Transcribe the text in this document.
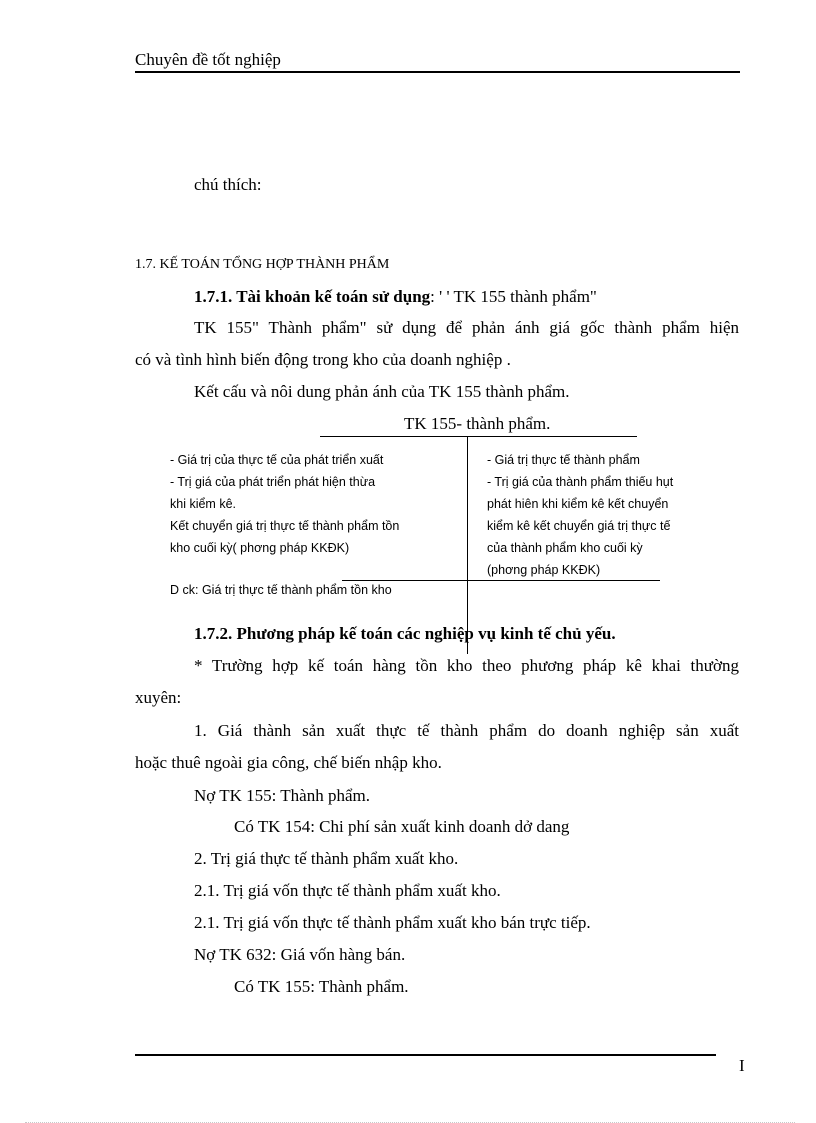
Chuyên đề tốt nghiệp
chú thích:
1.7. KẾ TOÁN TỔNG HỢP THÀNH PHẨM
1.7.1. Tài khoản kế toán sử dụng: ' ' TK 155 thành phẩm"
TK 155" Thành phẩm" sử dụng để phản ánh giá gốc thành phẩm hiện
có và tình hình biến động trong kho của doanh nghiệp .
Kết cấu và nôi dung phản ánh của TK 155 thành phẩm.
TK 155- thành phẩm.
- Giá trị của thực tế của phát triển xuất
- Trị giá của phát triển phát hiện thừa
khi kiểm kê.
Kết chuyển giá trị thực tế thành phẩm tồn
kho cuối kỳ( phơng pháp KKĐK)
- Giá trị thực tế thành phẩm
- Trị giá của thành phẩm thiếu hụt
phát hiên khi kiểm kê kết chuyển
kiểm kê kết chuyển giá trị thực tế
của thành phẩm kho cuối kỳ
(phơng pháp KKĐK)
D ck: Giá trị thực tế thành phẩm tồn kho
1.7.2. Phương pháp kế toán các nghiệp vụ kinh tế chủ yếu.
* Trường hợp kế toán hàng tồn kho theo phương pháp kê khai thường
xuyên:
1. Giá thành sản xuất thực tế thành phẩm do doanh nghiệp sản xuất
hoặc thuê ngoài gia công, chế biến nhập kho.
Nợ TK 155: Thành phẩm.
Có TK 154: Chi phí sản xuất kinh doanh dở dang
2. Trị giá thực tế thành phẩm xuất kho.
2.1. Trị giá vốn thực tế thành phẩm xuất kho.
2.1. Trị giá vốn thực tế thành phẩm xuất kho bán trực tiếp.
Nợ TK 632: Giá vốn hàng bán.
Có TK 155: Thành phẩm.
I
